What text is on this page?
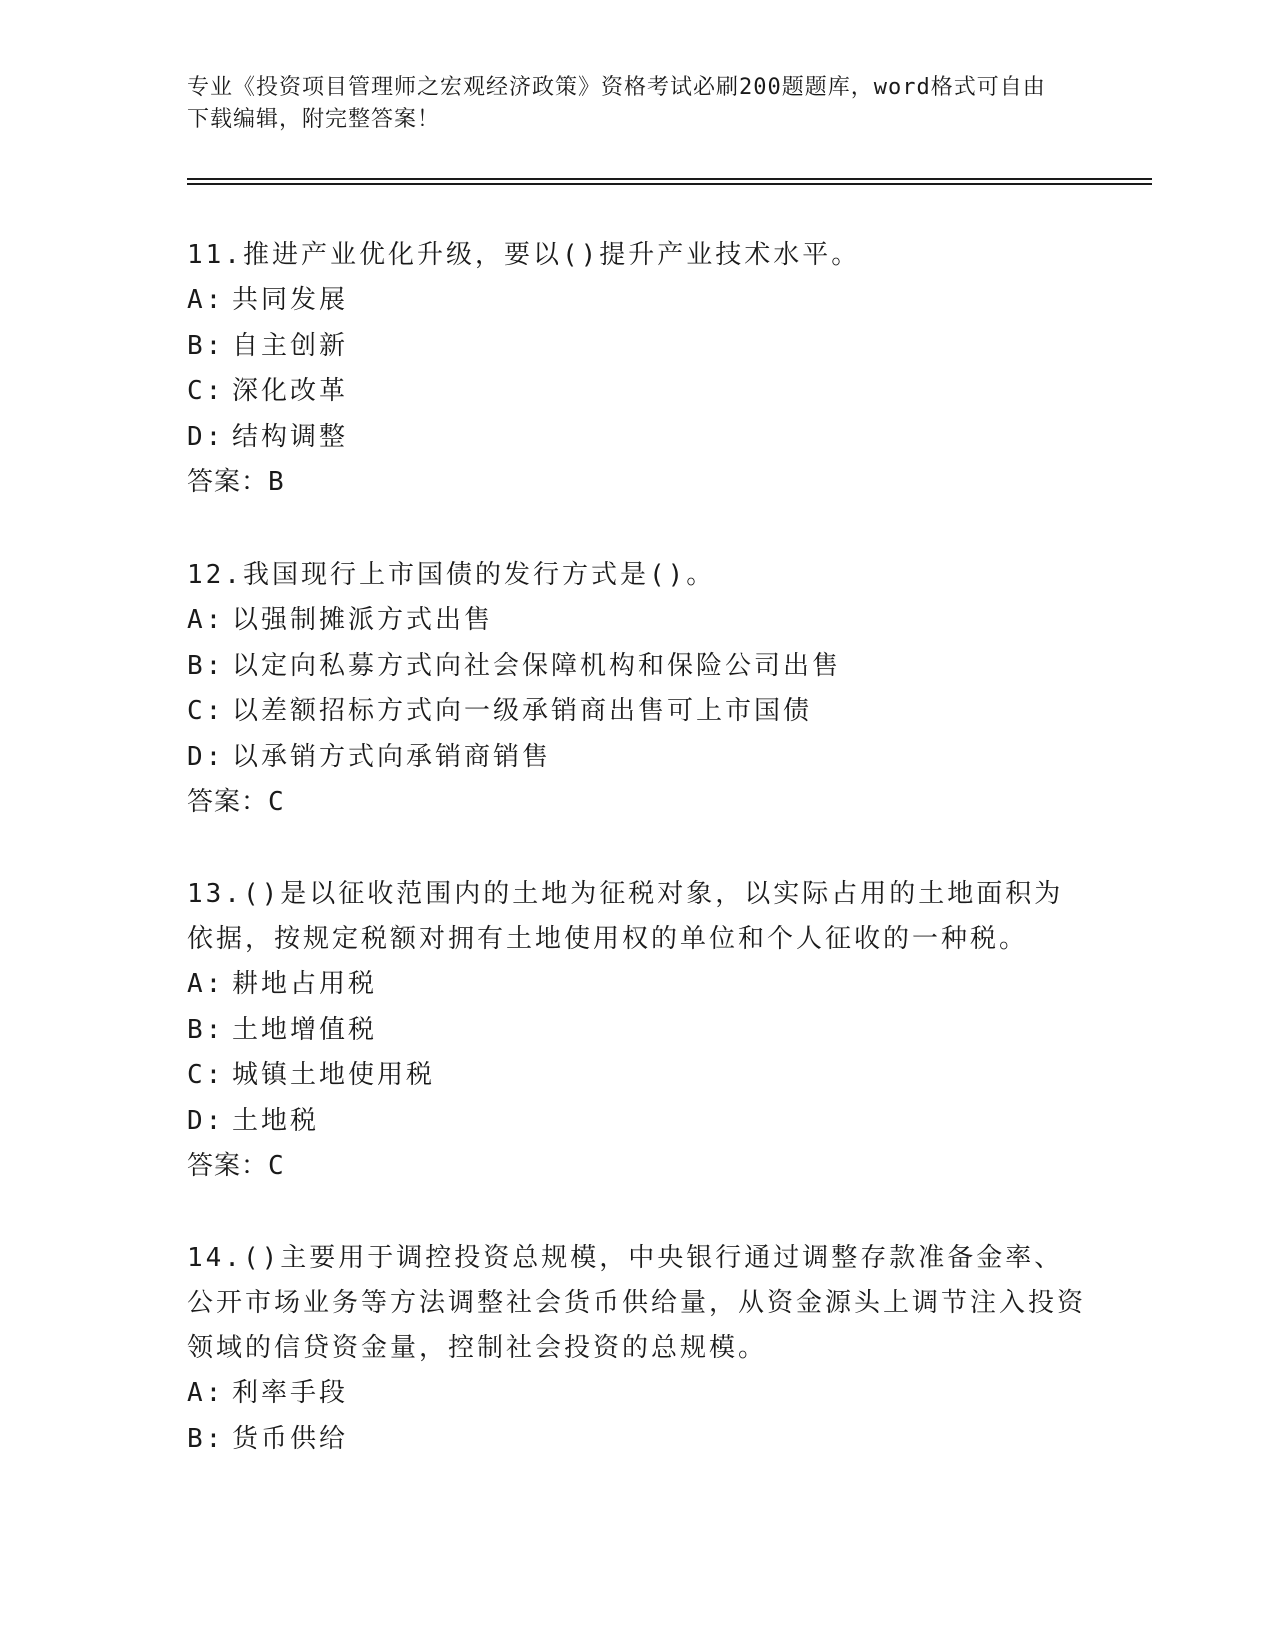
专业《投资项目管理师之宏观经济政策》资格考试必刷200题题库，word格式可自由下载编辑，附完整答案！

11.推进产业优化升级，要以()提升产业技术水平。

A: 共同发展

B: 自主创新

C: 深化改革

D: 结构调整

答案：B

12.我国现行上市国债的发行方式是()。

A: 以强制摊派方式出售

B: 以定向私募方式向社会保障机构和保险公司出售

C: 以差额招标方式向一级承销商出售可上市国债

D: 以承销方式向承销商销售

答案：C

13.()是以征收范围内的土地为征税对象，以实际占用的土地面积为依据，按规定税额对拥有土地使用权的单位和个人征收的一种税。

A: 耕地占用税

B: 土地增值税

C: 城镇土地使用税

D: 土地税

答案：C

14.()主要用于调控投资总规模，中央银行通过调整存款准备金率、公开市场业务等方法调整社会货币供给量，从资金源头上调节注入投资领域的信贷资金量，控制社会投资的总规模。

A: 利率手段

B: 货币供给
